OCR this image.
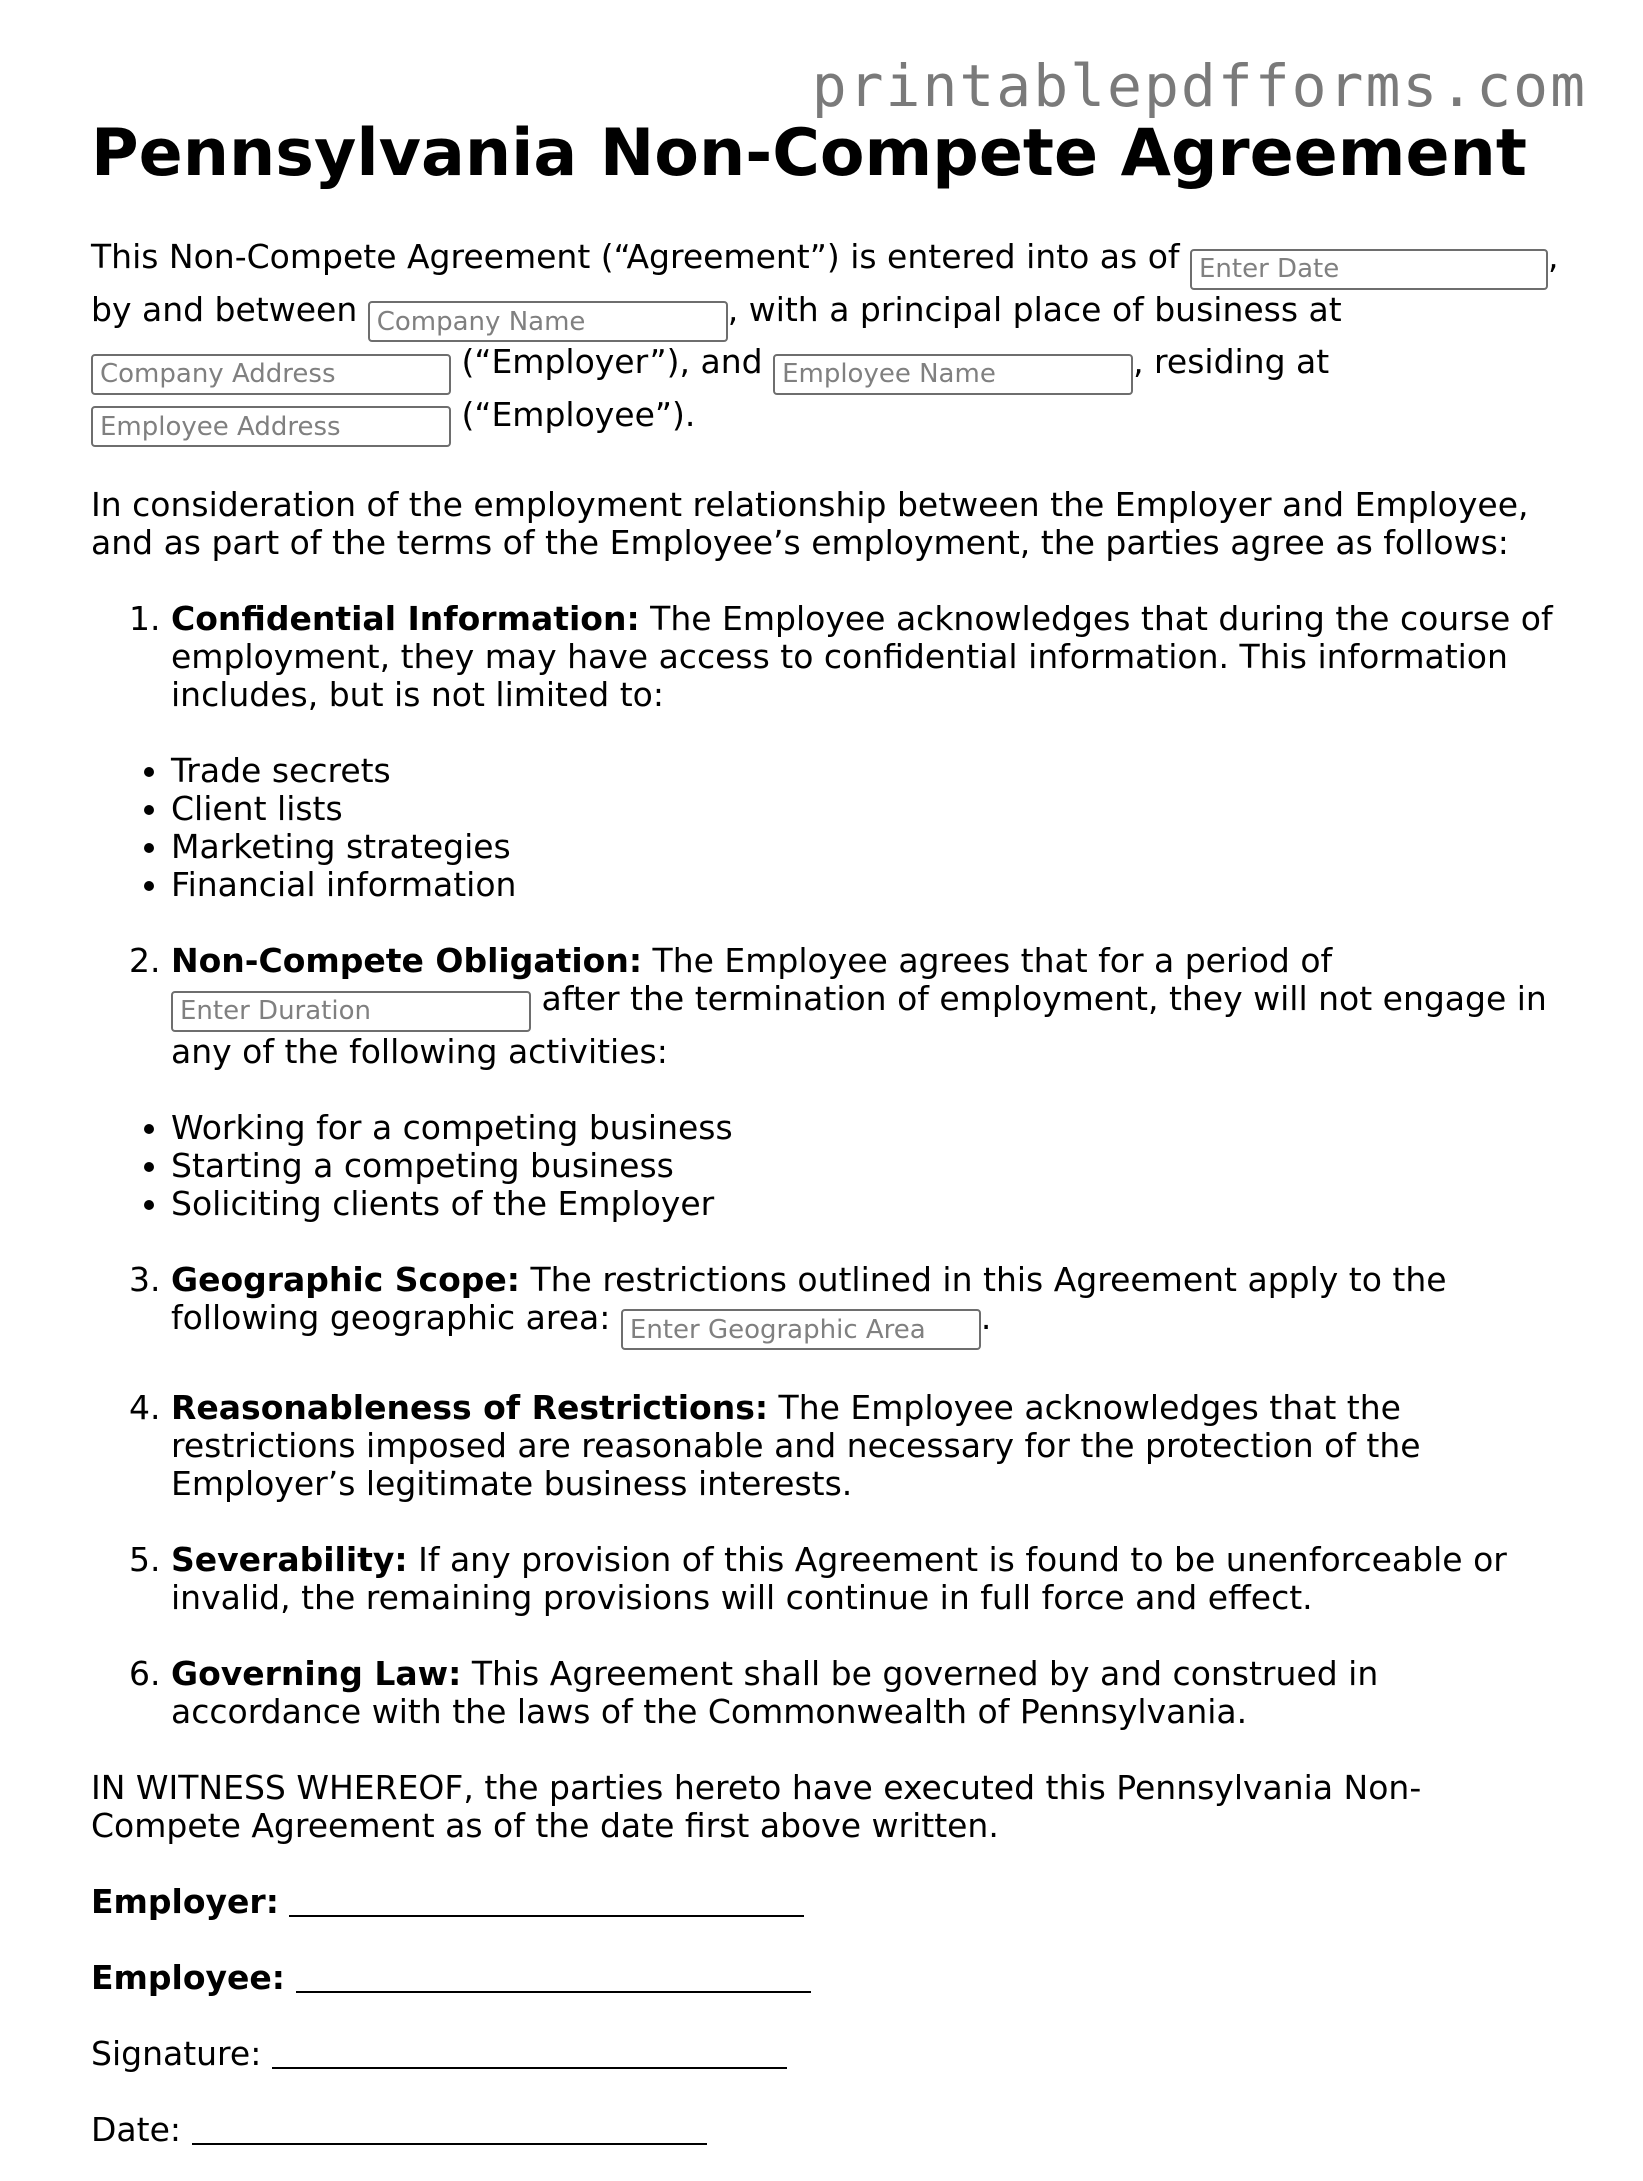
printablepdfforms.com
Pennsylvania Non-Compete Agreement

This Non-Compete Agreement (“Agreement”) is entered into as of Enter Date	,
by and between Company Name	, with a principal place of business at
Company Address (“Employer”), and Employee Name	, residing at
Employee Address (“Employee”).

In consideration of the employment relationship between the Employer and Employee, and as part of the terms of the Employee’s employment, the parties agree as follows:

1. Confidential Information: The Employee acknowledges that during the course of employment, they may have access to confidential information. This information includes, but is not limited to:
• Trade secrets
• Client lists
• Marketing strategies
• Financial information
2. Non-Compete Obligation: The Employee agrees that for a period of
Enter Duration after the termination of employment, they will not engage in any of the following activities:
• Working for a competing business
• Starting a competing business
• Soliciting clients of the Employer
3. Geographic Scope: The restrictions outlined in this Agreement apply to the following geographic area: Enter Geographic Area	.
4. Reasonableness of Restrictions: The Employee acknowledges that the restrictions imposed are reasonable and necessary for the protection of the Employer’s legitimate business interests.
5. Severability: If any provision of this Agreement is found to be unenforceable or invalid, the remaining provisions will continue in full force and effect.
6. Governing Law: This Agreement shall be governed by and construed in accordance with the laws of the Commonwealth of Pennsylvania.

IN WITNESS WHEREOF, the parties hereto have executed this Pennsylvania Non-Compete Agreement as of the date first above written.

Employer:
Employee:
Signature:
Date:
